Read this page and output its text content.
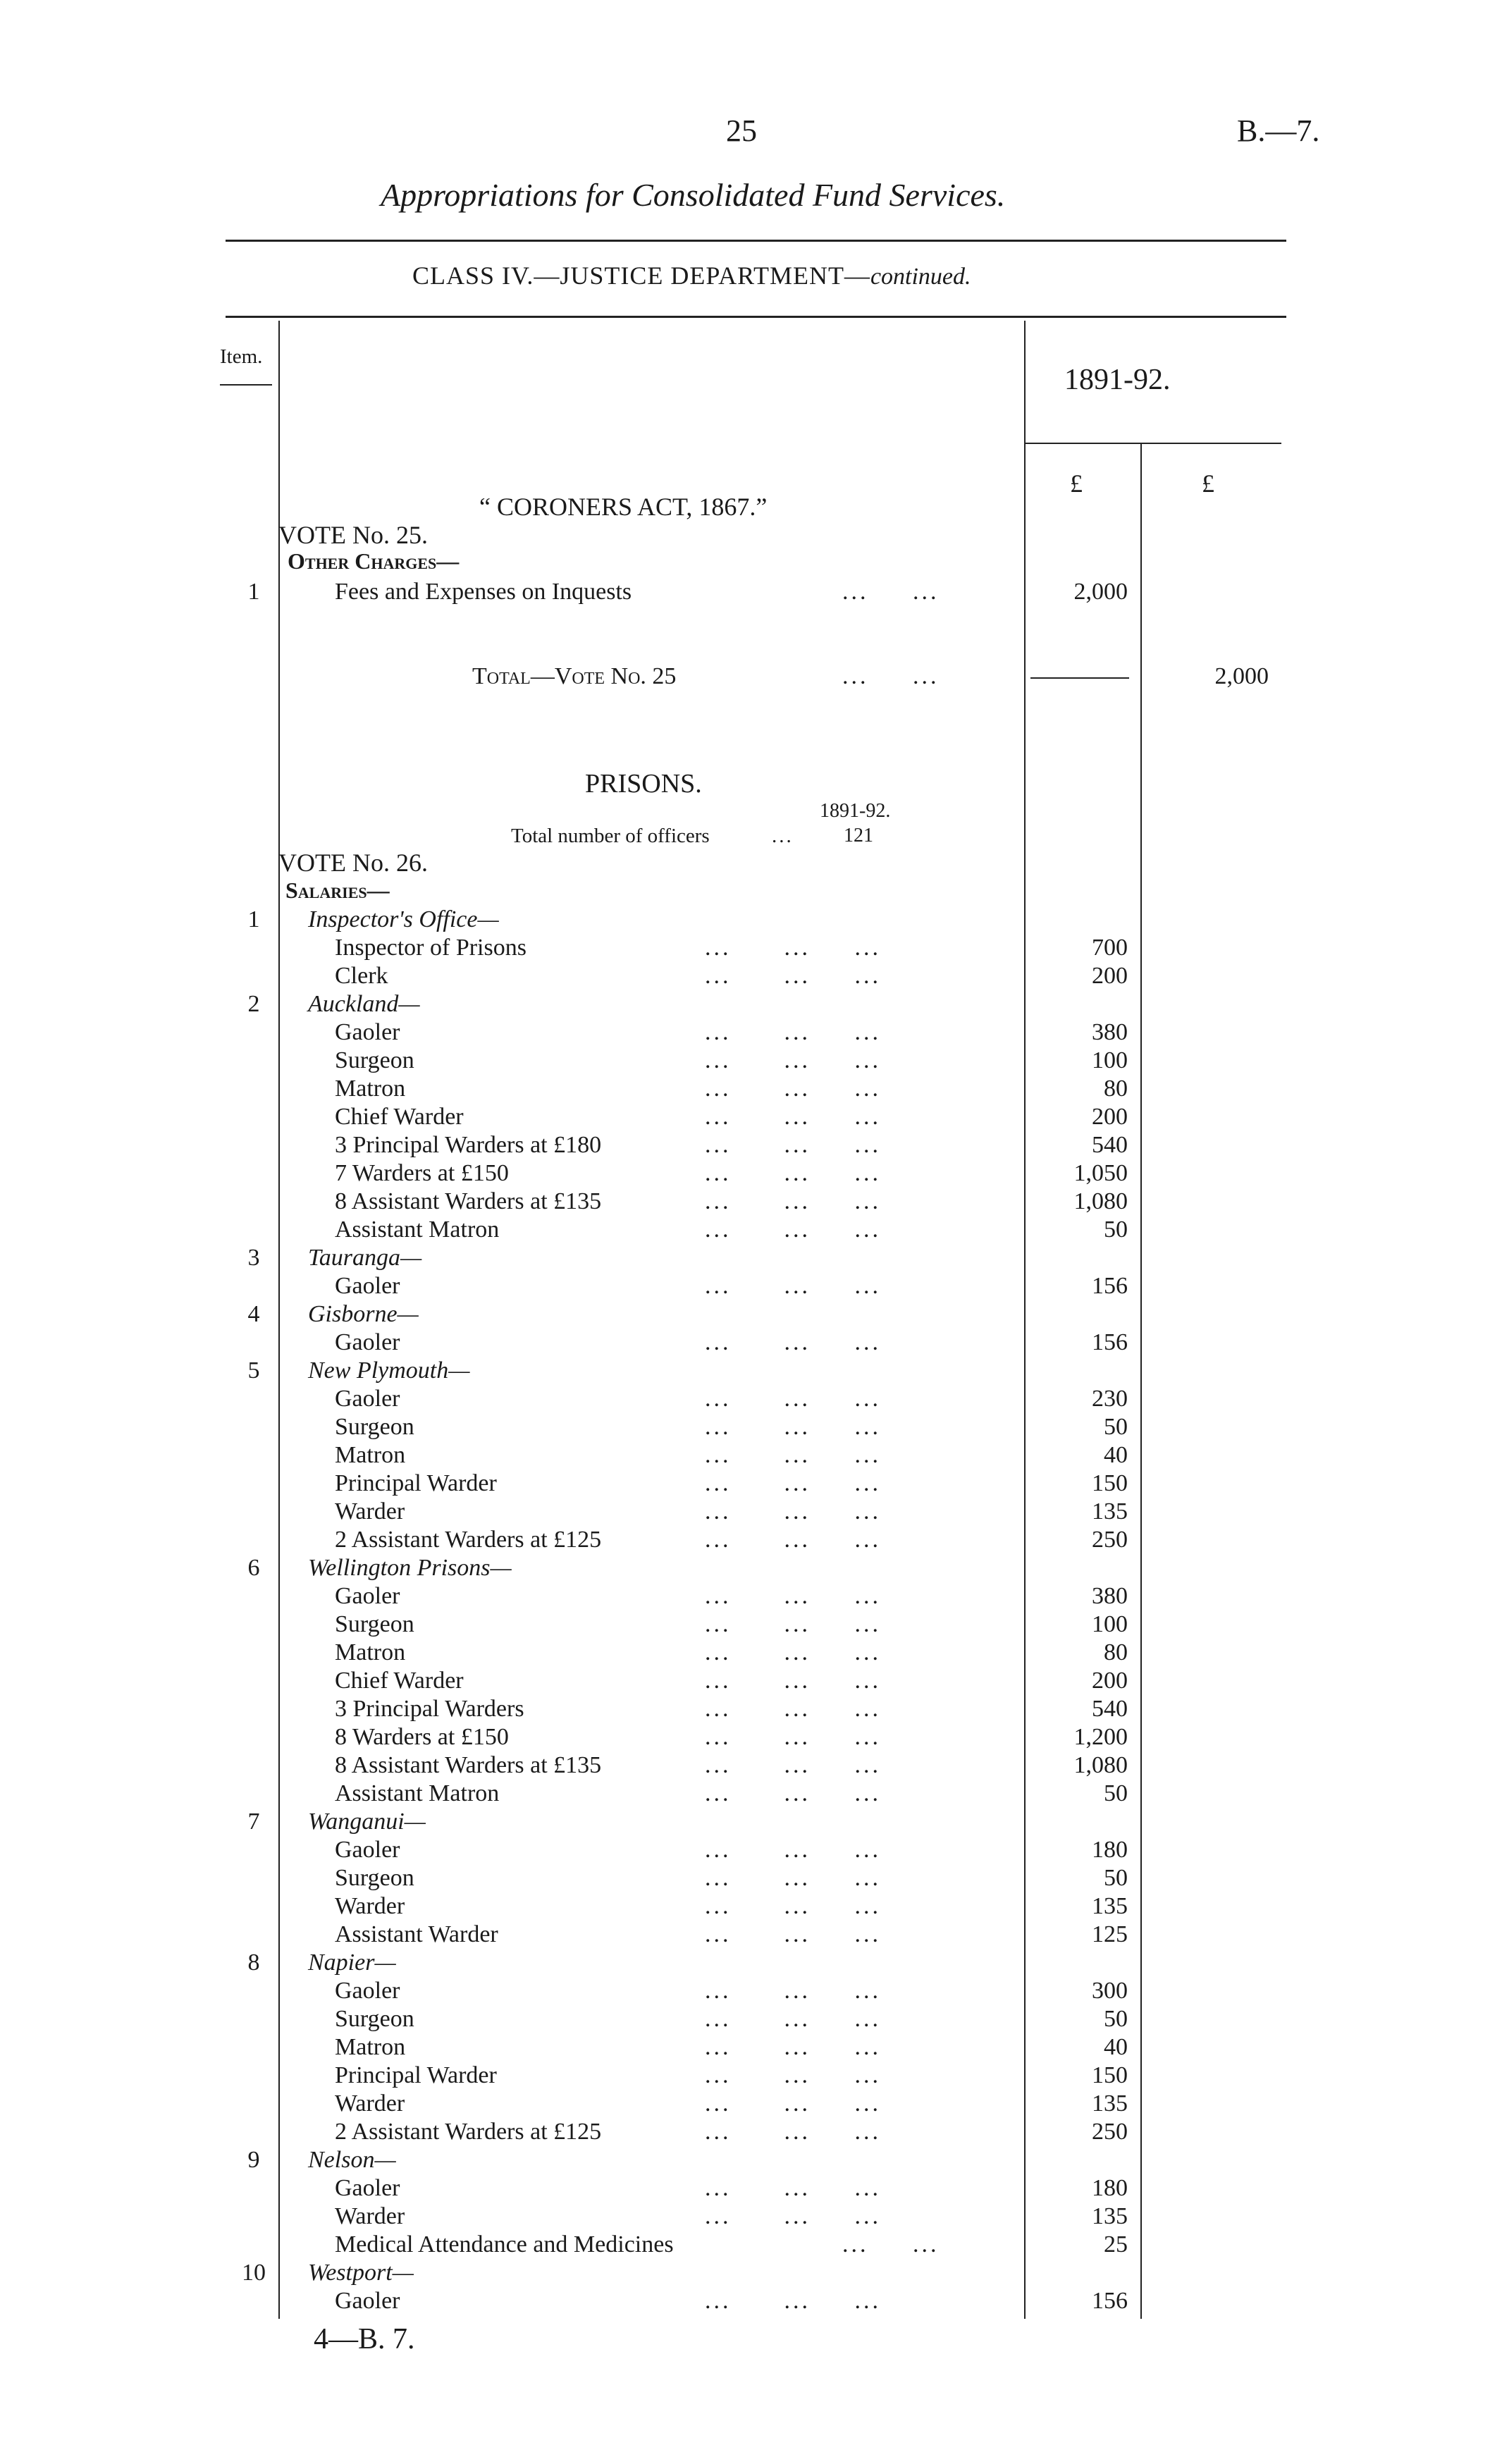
25	B.—7.
Appropriations for Consolidated Fund Services.
CLASS IV.—JUSTICE DEPARTMENT—continued.
Item.
1891-92.
£	£
“ CORONERS ACT, 1867.”
VOTE No. 25.
Other Charges—
1	Fees and Expenses on Inquests	...     ...	2,000
Total—Vote No. 25	...     ...	2,000
PRISONS.
1891-92.
Total number of officers	...	121
VOTE No. 26.
Salaries—
1	Inspector's Office—
Inspector of Prisons	...      ...     ...	700
Clerk	...      ...     ...	200
2	Auckland—
Gaoler	...      ...     ...	380
Surgeon	...      ...     ...	100
Matron	...      ...     ...	80
Chief Warder	...      ...     ...	200
3 Principal Warders at £180	...      ...     ...	540
7 Warders at £150	...      ...     ...	1,050
8 Assistant Warders at £135	...      ...     ...	1,080
Assistant Matron	...      ...     ...	50
3	Tauranga—
Gaoler	...      ...     ...	156
4	Gisborne—
Gaoler	...      ...     ...	156
5	New Plymouth—
Gaoler	...      ...     ...	230
Surgeon	...      ...     ...	50
Matron	...      ...     ...	40
Principal Warder	...      ...     ...	150
Warder	...      ...     ...	135
2 Assistant Warders at £125	...      ...     ...	250
6	Wellington Prisons—
Gaoler	...      ...     ...	380
Surgeon	...      ...     ...	100
Matron	...      ...     ...	80
Chief Warder	...      ...     ...	200
3 Principal Warders	...      ...     ...	540
8 Warders at £150	...      ...     ...	1,200
8 Assistant Warders at £135	...      ...     ...	1,080
Assistant Matron	...      ...     ...	50
7	Wanganui—
Gaoler	...      ...     ...	180
Surgeon	...      ...     ...	50
Warder	...      ...     ...	135
Assistant Warder	...      ...     ...	125
8	Napier—
Gaoler	...      ...     ...	300
Surgeon	...      ...     ...	50
Matron	...      ...     ...	40
Principal Warder	...      ...     ...	150
Warder	...      ...     ...	135
2 Assistant Warders at £125	...      ...     ...	250
9	Nelson—
Gaoler	...      ...     ...	180
Warder	...      ...     ...	135
Medical Attendance and Medicines	...     ...	25
10 Westport—
Gaoler	...      ...     ...	156
4—B. 7.
